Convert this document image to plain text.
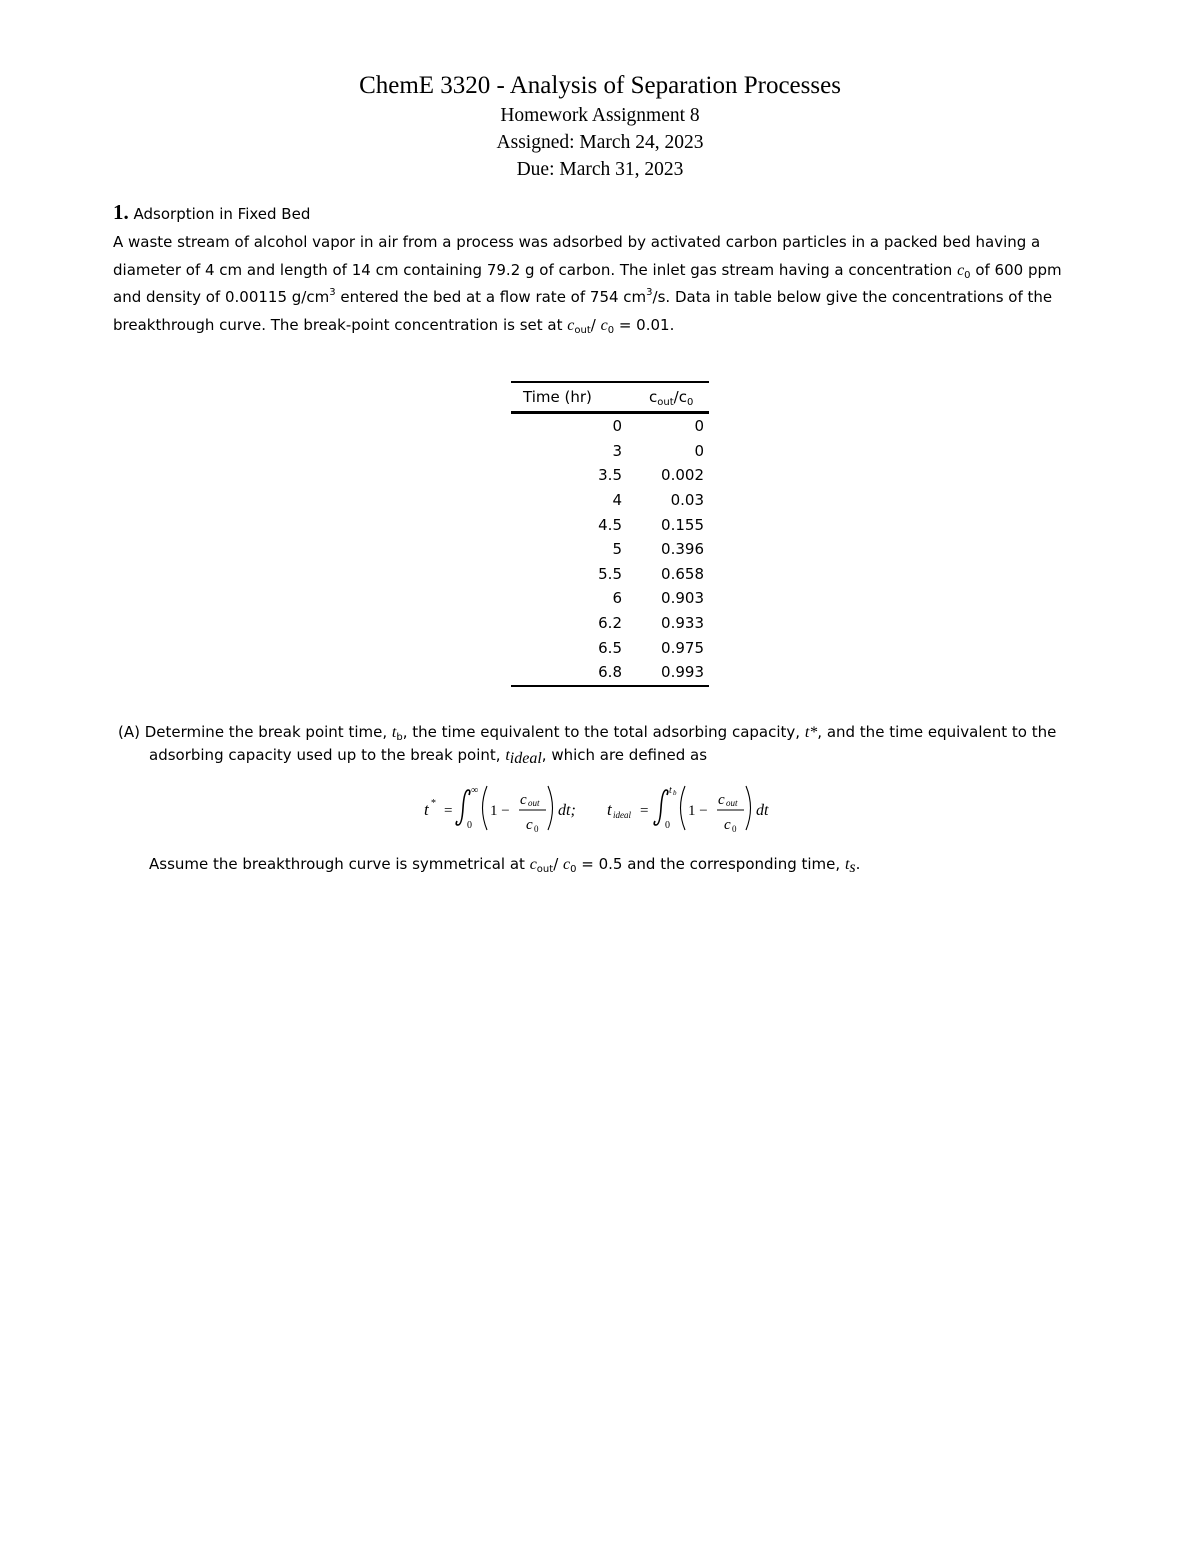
ChemE 3320 - Analysis of Separation Processes
Homework Assignment 8
Assigned: March 24, 2023
Due: March 31, 2023
1. Adsorption in Fixed Bed

A waste stream of alcohol vapor in air from a process was adsorbed by activated carbon particles in a packed bed having a diameter of 4 cm and length of 14 cm containing 79.2 g of carbon. The inlet gas stream having a concentration $c_0$ of 600 ppm and density of 0.00115 $g/cm^3$ entered the bed at a flow rate of 754 $cm^3/s$. Data in table below give the concentrations of the breakthrough curve. The break-point concentration is set at $c_{out}/$ $c_0 = 0.01$.

Time (hr)	$c_{out}/c_0$
0	0
3	0
3.5	0.002
4	0.03
4.5	0.155
5	0.396
5.5	0.658
6	0.903
6.2	0.933
6.5	0.975
6.8	0.993
(A) Determine the break point time, $t_b$, the time equivalent to the total adsorbing capacity, t*, and the time equivalent to the
adsorbing capacity used up to the break point, $t_{ideal}$, which are defined as
t * =
0
∞
1 −
c out
c 0
dt; t ideal =
0
t b
1 −
c out
c 0
dt
Assume the breakthrough curve is symmetrical at $c_{out}/$ $c_0 = 0.5$ and the corresponding time, $t_s$.
